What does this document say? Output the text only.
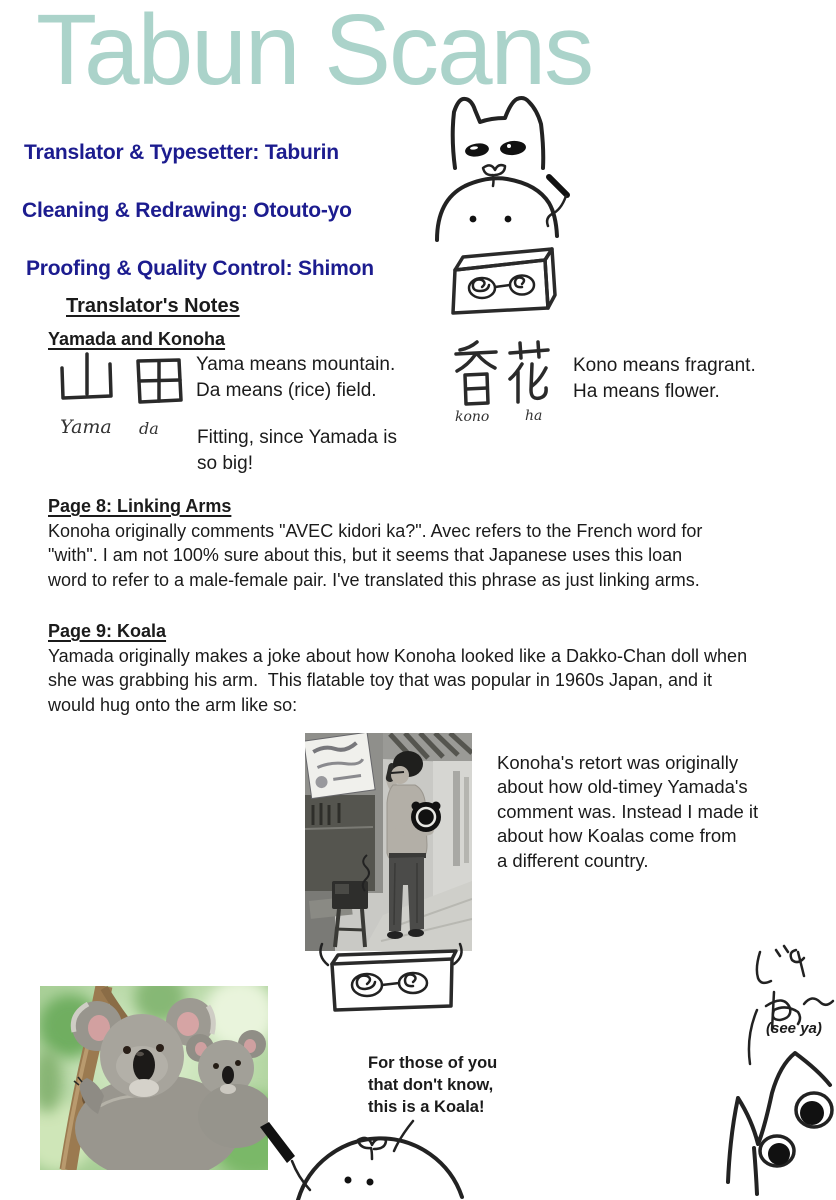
Tabun Scans
Translator & Typesetter: Taburin
Cleaning & Redrawing: Otouto-yo
Proofing & Quality Control: Shimon
Translator's Notes
Yamada and Konoha
Yama da
Yama means mountain.
Da means (rice) field.
Fitting, since Yamada is
so big!
kono	ha
Kono means fragrant.
Ha means flower.
Page 8: Linking Arms
Konoha originally comments "AVEC kidori ka?". Avec refers to the French word for
"with". I am not 100% sure about this, but it seems that Japanese uses this loan
word to refer to a male-female pair. I've translated this phrase as just linking arms.
Page 9: Koala
Yamada originally makes a joke about how Konoha looked like a Dakko-Chan doll when
she was grabbing his arm.  This flatable toy that was popular in 1960s Japan, and it
would hug onto the arm like so:
Konoha's retort was originally
about how old-timey Yamada's
comment was. Instead I made it
about how Koalas come from
a different country.
For those of you
that don't know,
this is a Koala!
(see ya)
